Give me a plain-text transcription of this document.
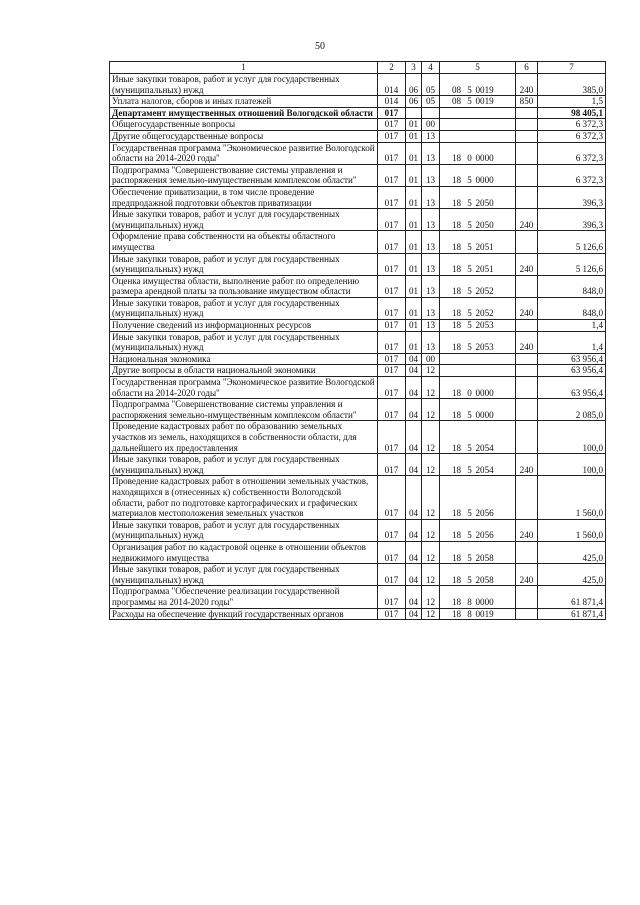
50
1	2	3	4	5	6	7
Иные закупки товаров, работ и услуг для государственных (муниципальных) нужд	014	06	05	08 5 0019	240	385,0
Уплата налогов, сборов и иных платежей	014	06	05	08 5 0019	850	1,5
Департамент имущественных отношений Вологодской области	017					98 405,1
Общегосударственные вопросы	017	01	00			6 372,3
Другие общегосударственные вопросы	017	01	13			6 372,3
Государственная программа "Экономическое развитие Вологодской области на 2014-2020 годы"	017	01	13	18 0 0000		6 372,3
Подпрограмма "Совершенствование системы управления и распоряжения земельно-имущественным комплексом области"	017	01	13	18 5 0000		6 372,3
Обеспечение приватизации, в том числе проведение предпродажной подготовки объектов приватизации	017	01	13	18 5 2050		396,3
Иные закупки товаров, работ и услуг для государственных (муниципальных) нужд	017	01	13	18 5 2050	240	396,3
Оформление права собственности на объекты областного имущества	017	01	13	18 5 2051		5 126,6
Иные закупки товаров, работ и услуг для государственных (муниципальных) нужд	017	01	13	18 5 2051	240	5 126,6
Оценка имущества области, выполнение работ по определению размера арендной платы за пользование имуществом области	017	01	13	18 5 2052		848,0
Иные закупки товаров, работ и услуг для государственных (муниципальных) нужд	017	01	13	18 5 2052	240	848,0
Получение сведений из информационных ресурсов	017	01	13	18 5 2053		1,4
Иные закупки товаров, работ и услуг для государственных (муниципальных) нужд	017	01	13	18 5 2053	240	1,4
Национальная экономика	017	04	00			63 956,4
Другие вопросы в области национальной экономики	017	04	12			63 956,4
Государственная программа "Экономическое развитие Вологодской области на 2014-2020 годы"	017	04	12	18 0 0000		63 956,4
Подпрограмма "Совершенствование системы управления и распоряжения земельно-имущественным комплексом области"	017	04	12	18 5 0000		2 085,0
Проведение кадастровых работ по образованию земельных участков из земель, находящихся в собственности области, для дальнейшего их предоставления	017	04	12	18 5 2054		100,0
Иные закупки товаров, работ и услуг для государственных (муниципальных) нужд	017	04	12	18 5 2054	240	100,0
Проведение кадастровых работ в отношении земельных участков, находящихся в (отнесенных к) собственности Вологодской области, работ по подготовке картографических и графических материалов местоположения земельных участков	017	04	12	18 5 2056		1 560,0
Иные закупки товаров, работ и услуг для государственных (муниципальных) нужд	017	04	12	18 5 2056	240	1 560,0
Организация работ по кадастровой оценке в отношении объектов недвижимого имущества	017	04	12	18 5 2058		425,0
Иные закупки товаров, работ и услуг для государственных (муниципальных) нужд	017	04	12	18 5 2058	240	425,0
Подпрограмма "Обеспечение реализации государственной программы на 2014-2020 годы"	017	04	12	18 8 0000		61 871,4
Расходы на обеспечение функций государственных органов	017	04	12	18 8 0019		61 871,4
